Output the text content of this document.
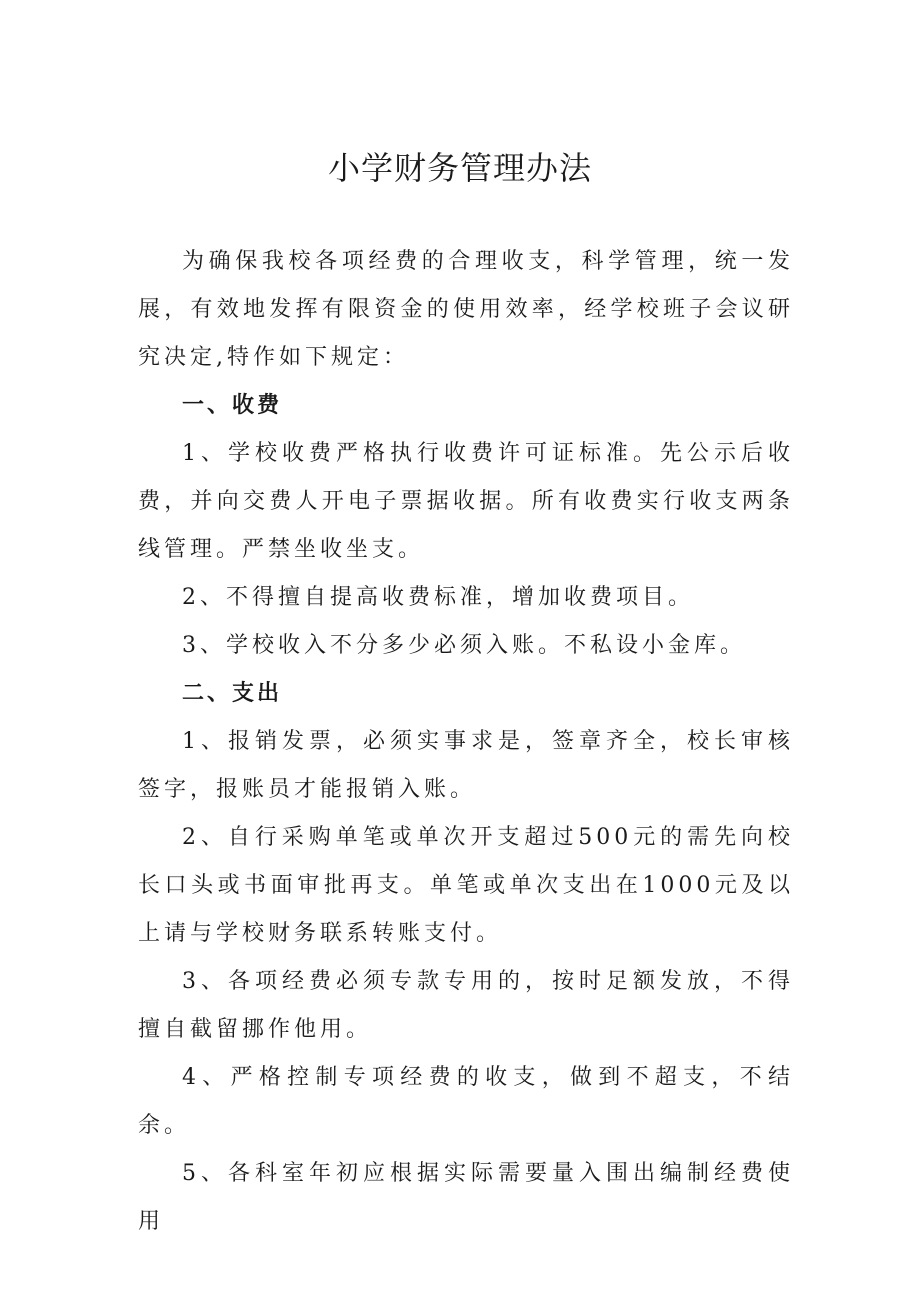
小学财务管理办法

为确保我校各项经费的合理收支，科学管理，统一发展，有效地发挥有限资金的使用效率，经学校班子会议研究决定,特作如下规定：

一、收费

1、学校收费严格执行收费许可证标准。先公示后收费，并向交费人开电子票据收据。所有收费实行收支两条线管理。严禁坐收坐支。

2、不得擅自提高收费标准，增加收费项目。

3、学校收入不分多少必须入账。不私设小金库。

二、支出

1、报销发票，必须实事求是，签章齐全，校长审核签字，报账员才能报销入账。

2、自行采购单笔或单次开支超过500元的需先向校长口头或书面审批再支。单笔或单次支出在1000元及以上请与学校财务联系转账支付。

3、各项经费必须专款专用的，按时足额发放，不得擅自截留挪作他用。

4、严格控制专项经费的收支，做到不超支，不结余。

5、各科室年初应根据实际需要量入围出编制经费使用
